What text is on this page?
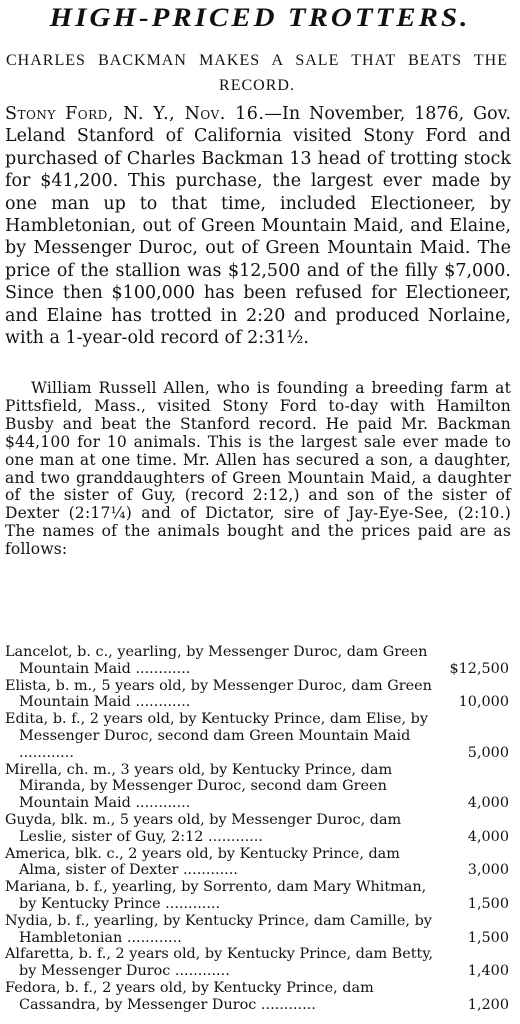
HIGH-PRICED TROTTERS.
CHARLES BACKMAN MAKES A SALE THAT BEATS THE RECORD.
Stony Ford, N. Y., Nov. 16.—In November, 1876, Gov. Leland Stanford of California visited Stony Ford and purchased of Charles Backman 13 head of trotting stock for $41,200. This purchase, the largest ever made by one man up to that time, included Electioneer, by Hambletonian, out of Green Mountain Maid, and Elaine, by Messenger Duroc, out of Green Mountain Maid. The price of the stallion was $12,500 and of the filly $7,000. Since then $100,000 has been refused for Electioneer, and Elaine has trotted in 2:20 and produced Norlaine, with a 1-year-old record of 2:31½.
William Russell Allen, who is founding a breeding farm at Pittsfield, Mass., visited Stony Ford to-day with Hamilton Busby and beat the Stanford record. He paid Mr. Backman $44,100 for 10 animals. This is the largest sale ever made to one man at one time. Mr. Allen has secured a son, a daughter, and two granddaughters of Green Mountain Maid, a daughter of the sister of Guy, (record 2:12,) and son of the sister of Dexter (2:17¼) and of Dictator, sire of Jay-Eye-See, (2:10.) The names of the animals bought and the prices paid are as follows:

Lancelot, b. c., yearling, by Messenger Duroc, dam Green Mountain Maid ............	$12,500

Elista, b. m., 5 years old, by Messenger Duroc, dam Green Mountain Maid ............	10,000

Edita, b. f., 2 years old, by Kentucky Prince, dam Elise, by Messenger Duroc, second dam Green Mountain Maid ............	5,000

Mirella, ch. m., 3 years old, by Kentucky Prince, dam Miranda, by Messenger Duroc, second dam Green Mountain Maid ............	4,000

Guyda, blk. m., 5 years old, by Messenger Duroc, dam Leslie, sister of Guy, 2:12 ............	4,000

America, blk. c., 2 years old, by Kentucky Prince, dam Alma, sister of Dexter ............	3,000

Mariana, b. f., yearling, by Sorrento, dam Mary Whitman, by Kentucky Prince ............	1,500

Nydia, b. f., yearling, by Kentucky Prince, dam Camille, by Hambletonian ............	1,500

Alfaretta, b. f., 2 years old, by Kentucky Prince, dam Betty, by Messenger Duroc ............	1,400

Fedora, b. f., 2 years old, by Kentucky Prince, dam Cassandra, by Messenger Duroc ............	1,200
